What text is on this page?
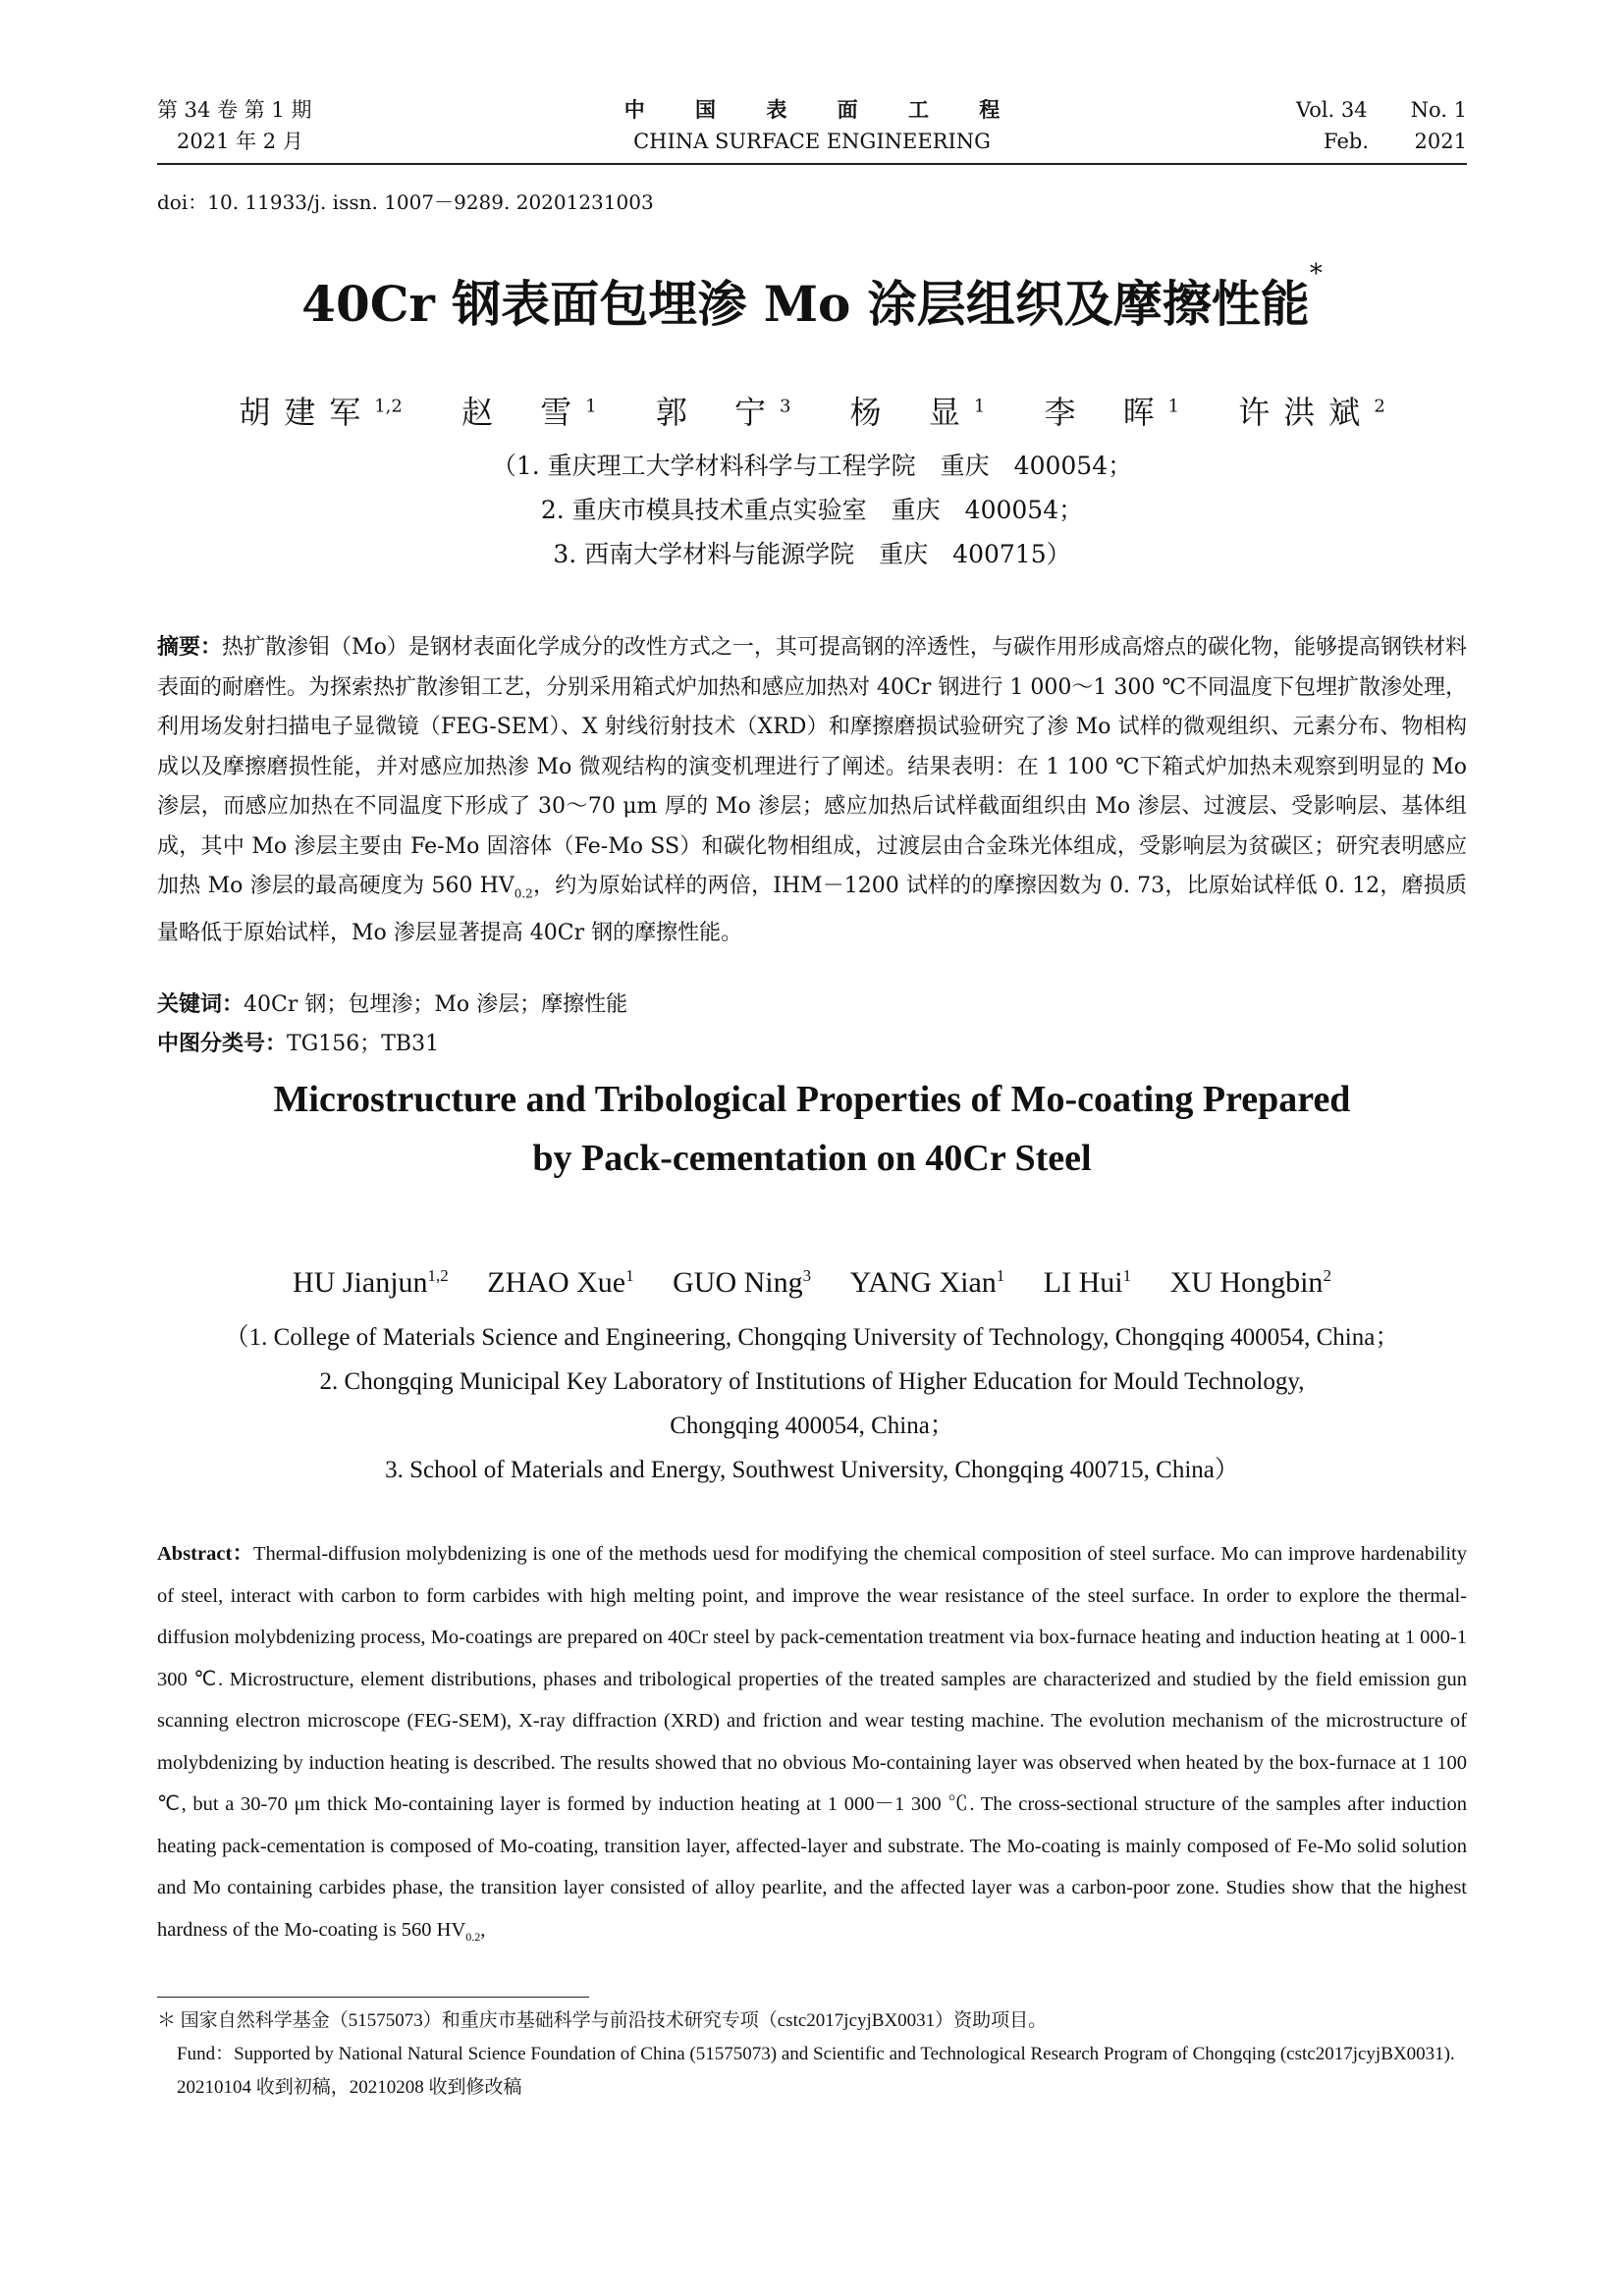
第 34 卷 第 1 期
2021 年 2 月
中 国 表 面 工 程
CHINA SURFACE ENGINEERING
Vol. 34 No. 1
Feb. 2021
doi：10. 11933/j. issn. 1007－9289. 20201231003
40Cr 钢表面包埋渗 Mo 涂层组织及摩擦性能*
胡建军$^{1,2}$ 赵 雪$^1$ 郭 宁$^3$ 杨 显$^1$ 李 晖$^1$ 许洪斌$^2$
（1. 重庆理工大学材料科学与工程学院　重庆　400054；
2. 重庆市模具技术重点实验室　重庆　400054；
3. 西南大学材料与能源学院　重庆　400715）
摘要：热扩散渗钼（Mo）是钢材表面化学成分的改性方式之一，其可提高钢的淬透性，与碳作用形成高熔点的碳化物，能够提高钢铁材料表面的耐磨性。为探索热扩散渗钼工艺，分别采用箱式炉加热和感应加热对 40Cr 钢进行 1 000～1 300 ℃不同温度下包埋扩散渗处理，利用场发射扫描电子显微镜（FEG-SEM）、X 射线衍射技术（XRD）和摩擦磨损试验研究了渗 Mo 试样的微观组织、元素分布、物相构成以及摩擦磨损性能，并对感应加热渗 Mo 微观结构的演变机理进行了阐述。结果表明：在 1 100 ℃下箱式炉加热未观察到明显的 Mo 渗层，而感应加热在不同温度下形成了 30～70 μm 厚的 Mo 渗层；感应加热后试样截面组织由 Mo 渗层、过渡层、受影响层、基体组成，其中 Mo 渗层主要由 Fe-Mo 固溶体（Fe-Mo SS）和碳化物相组成，过渡层由合金珠光体组成，受影响层为贫碳区；研究表明感应加热 Mo 渗层的最高硬度为 560 $HV_{0.2}$，约为原始试样的两倍，IHM－1200 试样的的摩擦因数为 0. 73，比原始试样低 0. 12，磨损质量略低于原始试样，Mo 渗层显著提高 40Cr 钢的摩擦性能。
关键词：40Cr 钢；包埋渗；Mo 渗层；摩擦性能
中图分类号：TG156；TB31
Microstructure and Tribological Properties of Mo-coating Prepared
by Pack-cementation on 40Cr Steel
HU Jianjun$^{1,2}$ ZHAO Xue$^1$ GUO Ning$^3$ YANG Xian$^1$ LI Hui$^1$ XU Hongbin$^2$
（1. College of Materials Science and Engineering, Chongqing University of Technology, Chongqing 400054, China；
2. Chongqing Municipal Key Laboratory of Institutions of Higher Education for Mould Technology,
Chongqing 400054, China；
3. School of Materials and Energy, Southwest University, Chongqing 400715, China）
Abstract：Thermal-diffusion molybdenizing is one of the methods uesd for modifying the chemical composition of steel surface. Mo can improve hardenability of steel, interact with carbon to form carbides with high melting point, and improve the wear resistance of the steel surface. In order to explore the thermal-diffusion molybdenizing process, Mo-coatings are prepared on 40Cr steel by pack-cementation treatment via box-furnace heating and induction heating at 1 000-1 300 ℃. Microstructure, element distributions, phases and tribological properties of the treated samples are characterized and studied by the field emission gun scanning electron microscope (FEG-SEM), X-ray diffraction (XRD) and friction and wear testing machine. The evolution mechanism of the microstructure of molybdenizing by induction heating is described. The results showed that no obvious Mo-containing layer was observed when heated by the box-furnace at 1 100 ℃, but a 30-70 μm thick Mo-containing layer is formed by induction heating at 1 000－1 300 ℃. The cross-sectional structure of the samples after induction heating pack-cementation is composed of Mo-coating, transition layer, affected-layer and substrate. The Mo-coating is mainly composed of Fe-Mo solid solution and Mo containing carbides phase, the transition layer consisted of alloy pearlite, and the affected layer was a carbon-poor zone. Studies show that the highest hardness of the Mo-coating is 560 $HV_{0.2}$,
＊ 国家自然科学基金（51575073）和重庆市基础科学与前沿技术研究专项（cstc2017jcyjBX0031）资助项目。
Fund：Supported by National Natural Science Foundation of China (51575073) and Scientific and Technological Research Program of Chongqing (cstc2017jcyjBX0031).
20210104 收到初稿，20210208 收到修改稿
